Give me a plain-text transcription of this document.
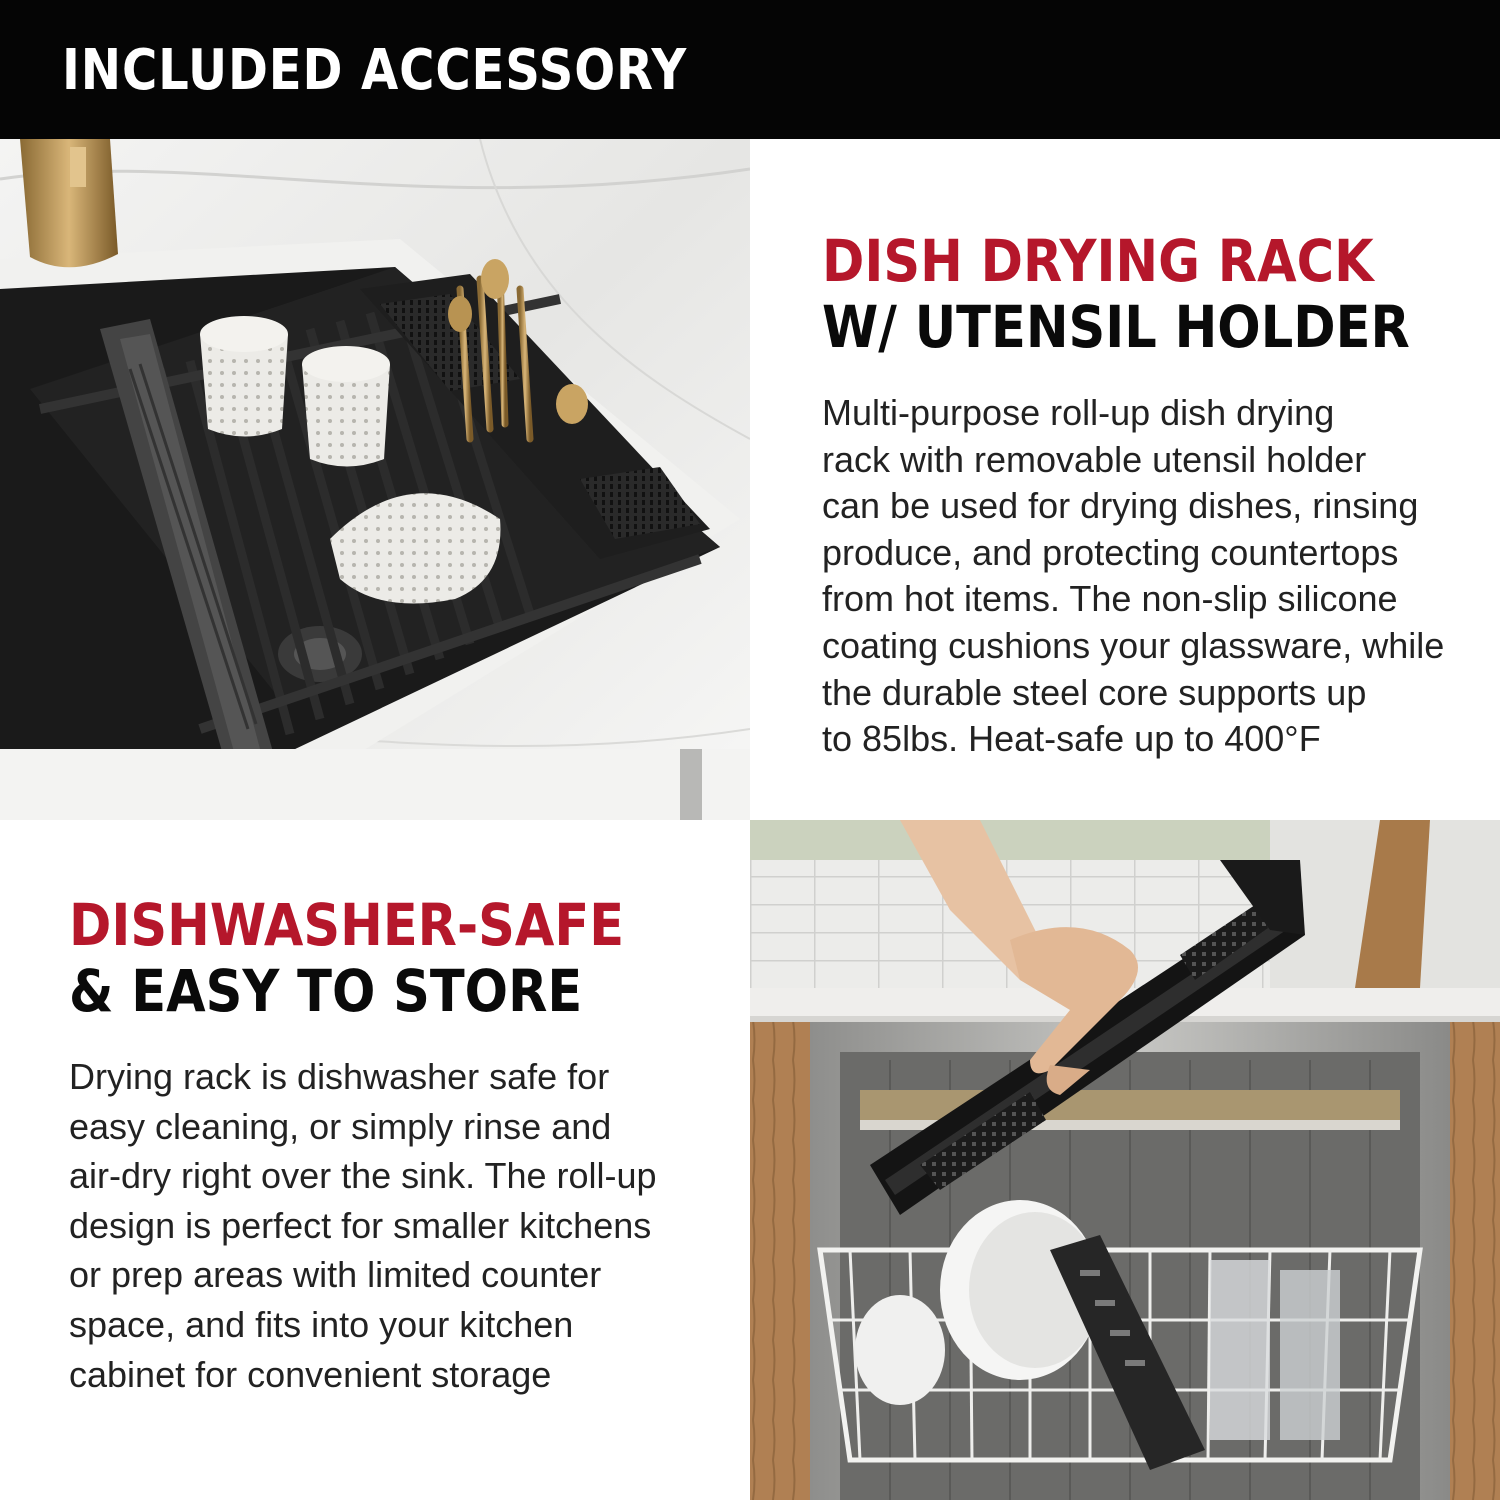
INCLUDED ACCESSORY
DISH DRYING RACK
W/ UTENSIL HOLDER
Multi-purpose roll-up dish drying
rack with removable utensil holder
can be used for drying dishes, rinsing
produce, and protecting countertops
from hot items. The non-slip silicone
coating cushions your glassware, while
the durable steel core supports up
to 85lbs. Heat-safe up to 400°F
DISHWASHER-SAFE
& EASY TO STORE
Drying rack is dishwasher safe for
easy cleaning, or simply rinse and
air-dry right over the sink. The roll-up
design is perfect for smaller kitchens
or prep areas with limited counter
space, and fits into your kitchen
cabinet for convenient storage
